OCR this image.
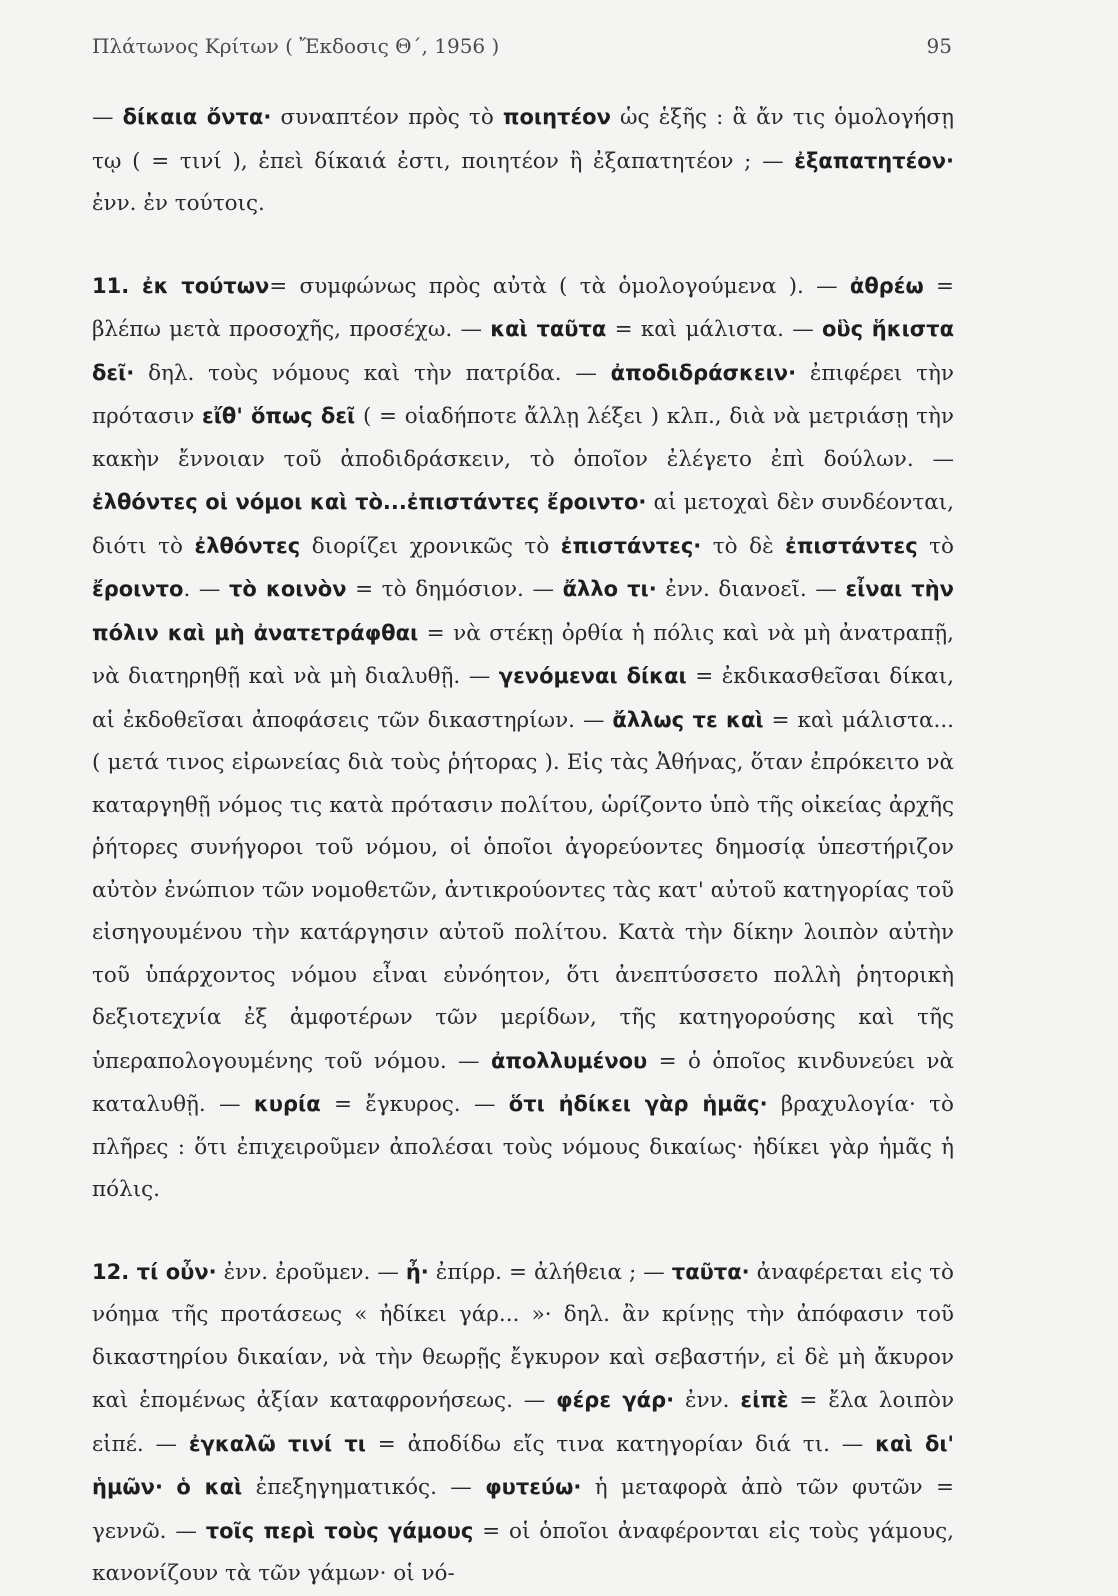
Πλάτωνος Κρίτων ( Ἔκδοσις Θ΄, 1956 )	95

— δίκαια ὄντα· συναπτέον πρὸς τὸ ποιητέον ὡς ἑξῆς : ἃ ἄν τις ὁμολογήσῃ τῳ ( = τινί ), ἐπεὶ δίκαιά ἐστι, ποιητέον ἢ ἐξαπατητέον ; — ἐξαπατητέον· ἐνν. ἐν τούτοις.

11. ἐκ τούτων= συμφώνως πρὸς αὐτὰ ( τὰ ὁμολογούμενα ). — ἀθρέω = βλέπω μετὰ προσοχῆς, προσέχω. — καὶ ταῦτα = καὶ μάλιστα. — οὓς ἥκιστα δεῖ· δηλ. τοὺς νόμους καὶ τὴν πατρίδα. — ἀποδιδράσκειν· ἐπιφέρει τὴν πρότασιν εἴθ' ὅπως δεῖ ( = οἱαδήποτε ἄλλῃ λέξει ) κλπ., διὰ νὰ μετριάσῃ τὴν κακὴν ἔννοιαν τοῦ ἀποδιδράσκειν, τὸ ὁποῖον ἐλέγετο ἐπὶ δούλων. — ἐλθόντες οἱ νόμοι καὶ τὸ...ἐπιστάντες ἔροιντο· αἱ μετοχαὶ δὲν συνδέονται, διότι τὸ ἐλθόντες διορίζει χρονικῶς τὸ ἐπιστάντες· τὸ δὲ ἐπιστάντες τὸ ἔροιντο. — τὸ κοινὸν = τὸ δημόσιον. — ἄλλο τι· ἐνν. διανοεῖ. — εἶναι τὴν πόλιν καὶ μὴ ἀνατετράφθαι = νὰ στέκῃ ὀρθία ἡ πόλις καὶ νὰ μὴ ἀνατραπῇ, νὰ διατηρηθῇ καὶ νὰ μὴ διαλυθῇ. — γενόμεναι δίκαι = ἐκδικασθεῖσαι δίκαι, αἱ ἐκδοθεῖσαι ἀποφάσεις τῶν δικαστηρίων. — ἄλλως τε καὶ = καὶ μάλιστα... ( μετά τινος εἰρωνείας διὰ τοὺς ῥήτορας ). Εἰς τὰς Ἀθήνας, ὅταν ἐπρόκειτο νὰ καταργηθῇ νόμος τις κατὰ πρότασιν πολίτου, ὡρίζοντο ὑπὸ τῆς οἰκείας ἀρχῆς ῥήτορες συνήγοροι τοῦ νόμου, οἱ ὁποῖοι ἀγορεύοντες δημοσίᾳ ὑπεστήριζον αὐτὸν ἐνώπιον τῶν νομοθετῶν, ἀντικρούοντες τὰς κατ' αὐτοῦ κατηγορίας τοῦ εἰσηγουμένου τὴν κατάργησιν αὐτοῦ πολίτου. Κατὰ τὴν δίκην λοιπὸν αὐτὴν τοῦ ὑπάρχοντος νόμου εἶναι εὐνόητον, ὅτι ἀνεπτύσσετο πολλὴ ῥητορικὴ δεξιοτεχνία ἐξ ἀμφοτέρων τῶν μερίδων, τῆς κατηγορούσης καὶ τῆς ὑπεραπολογουμένης τοῦ νόμου. — ἀπολλυμένου = ὁ ὁποῖος κινδυνεύει νὰ καταλυθῇ. — κυρία = ἔγκυρος. — ὅτι ἠδίκει γὰρ ἡμᾶς· βραχυλογία· τὸ πλῆρες : ὅτι ἐπιχειροῦμεν ἀπολέσαι τοὺς νόμους δικαίως· ἠδίκει γὰρ ἡμᾶς ἡ πόλις.

12. τί οὖν· ἐνν. ἐροῦμεν. — ἦ· ἐπίρρ. = ἀλήθεια ; — ταῦτα· ἀναφέρεται εἰς τὸ νόημα τῆς προτάσεως « ἠδίκει γάρ... »· δηλ. ἂν κρίνῃς τὴν ἀπόφασιν τοῦ δικαστηρίου δικαίαν, νὰ τὴν θεωρῇς ἔγκυρον καὶ σεβαστήν, εἰ δὲ μὴ ἄκυρον καὶ ἑπομένως ἀξίαν καταφρονήσεως. — φέρε γάρ· ἐνν. εἰπὲ = ἔλα λοιπὸν εἰπέ. — ἐγκαλῶ τινί τι = ἀποδίδω εἴς τινα κατηγορίαν διά τι. — καὶ δι' ἡμῶν· ὁ καὶ ἐπεξηγηματικός. — φυτεύω· ἡ μεταφορὰ ἀπὸ τῶν φυτῶν = γεννῶ. — τοῖς περὶ τοὺς γάμους = οἱ ὁποῖοι ἀναφέρονται εἰς τοὺς γάμους, κανονίζουν τὰ τῶν γάμων· οἱ νό-
